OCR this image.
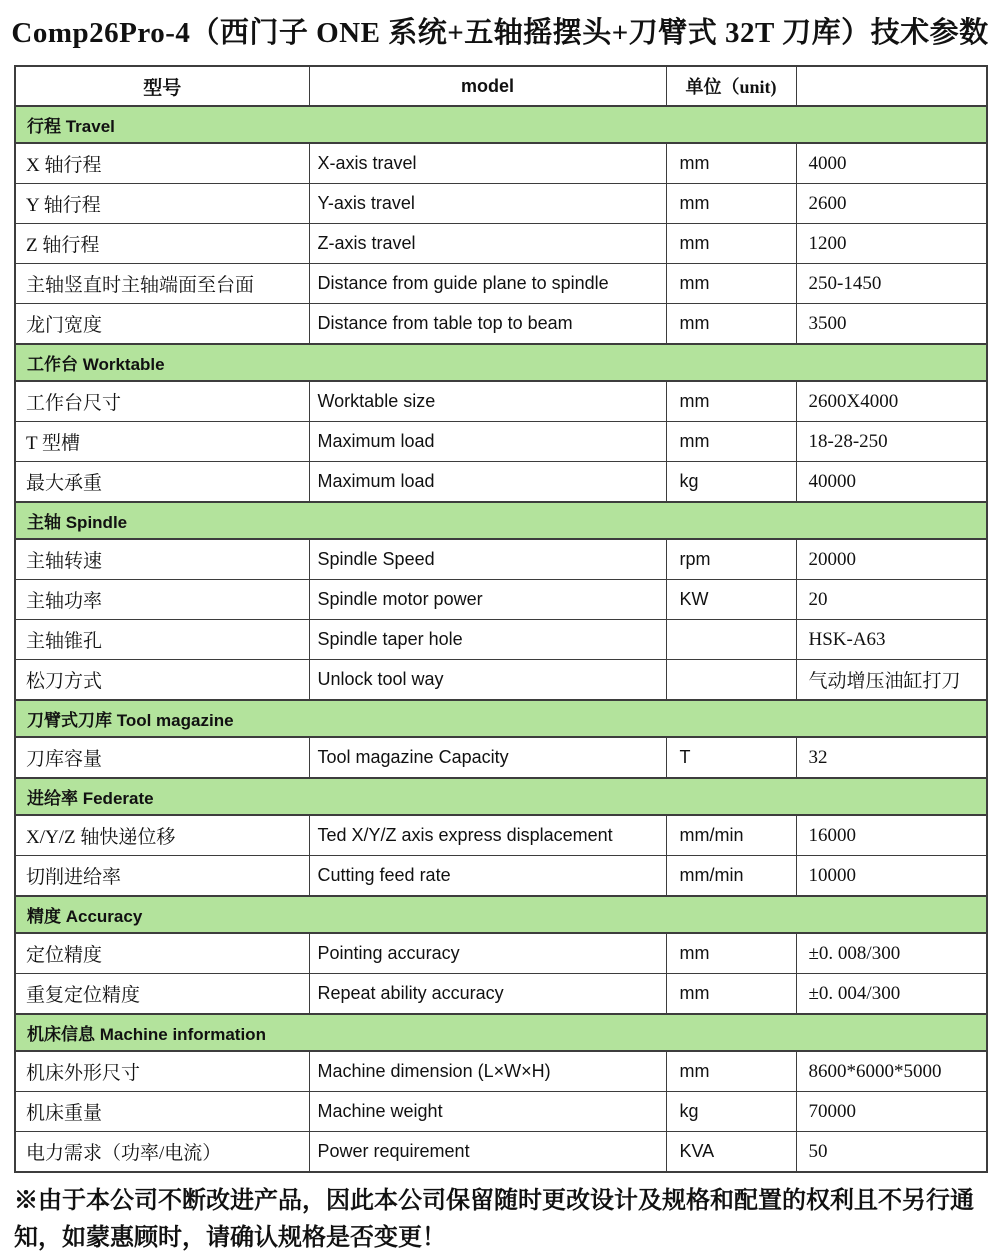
Comp26Pro-4（西门子 ONE 系统+五轴摇摆头+刀臂式 32T 刀库）技术参数
型号	model	单位（unit)	
行程 Travel			
X 轴行程	X-axis travel	mm	4000
Y 轴行程	Y-axis travel	mm	2600
Z 轴行程	Z-axis travel	mm	1200
主轴竖直时主轴端面至台面	Distance from guide plane to spindle	mm	250-1450
龙门宽度	Distance from table top to beam	mm	3500
工作台 Worktable			
工作台尺寸	Worktable size	mm	2600X4000
T 型槽	Maximum load	mm	18-28-250
最大承重	Maximum load	kg	40000
主轴 Spindle			
主轴转速	Spindle Speed	rpm	20000
主轴功率	Spindle motor power	KW	20
主轴锥孔	Spindle taper hole		HSK-A63
松刀方式	Unlock tool way		气动增压油缸打刀
刀臂式刀库 Tool magazine			
刀库容量	Tool magazine Capacity	T	32
进给率 Federate			
X/Y/Z 轴快递位移	Ted X/Y/Z axis express displacement	mm/min	16000
切削进给率	Cutting feed rate	mm/min	10000
精度 Accuracy			
定位精度	Pointing accuracy	mm	±0. 008/300
重复定位精度	Repeat ability accuracy	mm	±0. 004/300
机床信息 Machine information			
机床外形尺寸	Machine dimension (L×W×H)	mm	8600*6000*5000
机床重量	Machine weight	kg	70000
电力需求（功率/电流）	Power requirement	KVA	50

※由于本公司不断改进产品，因此本公司保留随时更改设计及规格和配置的权利且不另行通知，如蒙惠顾时，请确认规格是否变更！
